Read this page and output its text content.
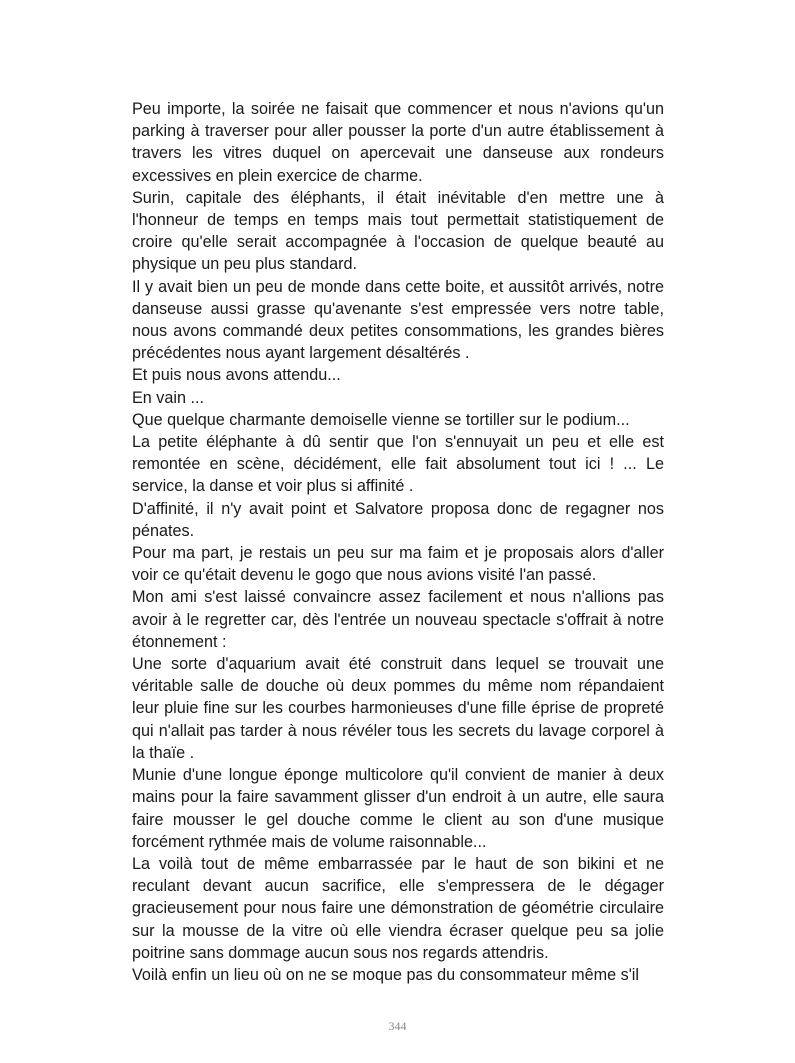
Peu importe, la soirée ne faisait que commencer et nous n'avions qu'un parking à traverser pour aller pousser la porte d'un autre établissement à travers les vitres duquel on apercevait une danseuse aux rondeurs excessives en plein exercice de charme.

Surin, capitale des éléphants, il était inévitable d'en mettre une à l'honneur de temps en temps mais tout permettait statistiquement de croire qu'elle serait accompagnée à l'occasion de quelque beauté au physique un peu plus standard.

Il y avait bien un peu de monde dans cette boite, et aussitôt arrivés, notre danseuse aussi grasse qu'avenante s'est empressée vers notre table, nous avons commandé deux petites consommations, les grandes bières précédentes nous ayant largement désaltérés .

Et puis nous avons attendu...

En vain ...

Que quelque charmante demoiselle vienne se tortiller sur le podium...

La petite éléphante à dû sentir que l'on s'ennuyait un peu et elle est remontée en scène, décidément, elle fait absolument tout ici ! ... Le service, la danse et voir plus si affinité .

D'affinité, il n'y avait point et Salvatore proposa donc de regagner nos pénates.

Pour ma part, je restais un peu sur ma faim et je proposais alors d'aller voir ce qu'était devenu le gogo que nous avions visité l'an passé.

Mon ami s'est laissé convaincre assez facilement et nous n'allions pas avoir à le regretter car, dès l'entrée un nouveau spectacle s'offrait à notre étonnement :

Une sorte d'aquarium avait été construit dans lequel se trouvait une véritable salle de douche où deux pommes du même nom répandaient leur pluie fine sur les courbes harmonieuses d'une fille éprise de propreté qui n'allait pas tarder à nous révéler tous les secrets du lavage corporel à la thaïe .

Munie d'une longue éponge multicolore qu'il convient de manier à deux mains pour la faire savamment glisser d'un endroit à un autre, elle saura faire mousser le gel douche comme le client au son d'une musique forcément rythmée mais de volume raisonnable...

La voilà tout de même embarrassée par le haut de son bikini et ne reculant devant aucun sacrifice, elle s'empressera de le dégager gracieusement pour nous faire une démonstration de géométrie circulaire sur la mousse de la vitre où elle viendra écraser quelque peu sa jolie poitrine sans dommage aucun sous nos regards attendris.

Voilà enfin un lieu où on ne se moque pas du consommateur même s'il

344
